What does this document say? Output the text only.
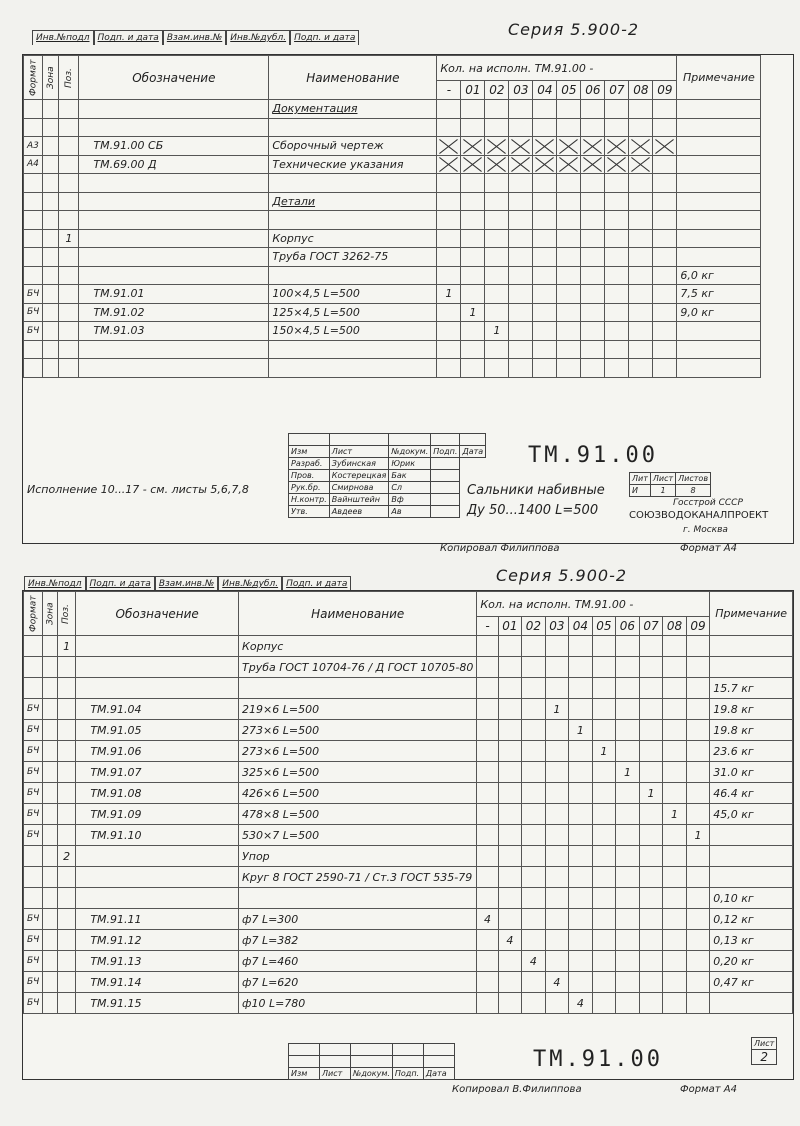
Серия 5.900-2
Инв.№подл Подп. и дата Взам.инв.№ Инв.№дубл. Подп. и дата
Формат	Зона	Поз.	Обозначение	Наименование	Кол. на исполн. ТМ.91.00 -										Примечание
					-	01	02	03	04	05	06	07	08	09	
				Документация											

А3			ТМ.91.00 СБ	Сборочный чертеж											
А4			ТМ.69.00 Д	Технические указания											

				Детали											

		1		Корпус											
				Труба ГОСТ 3262-75											
															6,0 кг
БЧ			ТМ.91.01	100×4,5 L=500	1										7,5 кг
БЧ			ТМ.91.02	125×4,5 L=500		1									9,0 кг
БЧ			ТМ.91.03	150×4,5 L=500			1								

Исполнение 10...17 - см. листы 5,6,7,8

Изм	Лист	№докум.	Подп.	Дата
Разраб.	Зубинская	Юрик		
Пров.	Костерецкая	Бак		
Рук.бр.	Смирнова	Сл		
Н.контр.	Вайнштейн	Вф		
Утв.	Авдеев	Ав		
ТМ.91.00
Сальники набивные
Ду 50...1400 L=500
Лит	Лист	Листов
И	1	8
Госстрой СССР
СОЮЗВОДОКАНАЛПРОЕКТ
г. Москва
Копировал Филиппова	Формат А4
Серия 5.900-2
Инв.№подл Подп. и дата Взам.инв.№ Инв.№дубл. Подп. и дата
Формат	Зона	Поз.	Обозначение	Наименование	Кол. на исполн. ТМ.91.00 -										Примечание
					-	01	02	03	04	05	06	07	08	09	
		1		Корпус											
				Труба ГОСТ 10704-76 / Д ГОСТ 10705-80											
															15.7 кг
БЧ			ТМ.91.04	219×6 L=500				1							19.8 кг
БЧ			ТМ.91.05	273×6 L=500					1						19.8 кг
БЧ			ТМ.91.06	273×6 L=500						1					23.6 кг
БЧ			ТМ.91.07	325×6 L=500							1				31.0 кг
БЧ			ТМ.91.08	426×6 L=500								1			46.4 кг
БЧ			ТМ.91.09	478×8 L=500									1		45,0 кг
БЧ			ТМ.91.10	530×7 L=500										1	
		2		Упор											
				Круг 8 ГОСТ 2590-71 / Ст.3 ГОСТ 535-79											
															0,10 кг
БЧ			ТМ.91.11	ф7 L=300	4										0,12 кг
БЧ			ТМ.91.12	ф7 L=382		4									0,13 кг
БЧ			ТМ.91.13	ф7 L=460			4								0,20 кг
БЧ			ТМ.91.14	ф7 L=620				4							0,47 кг
БЧ			ТМ.91.15	ф10 L=780					4						

Изм	Лист	№докум.	Подп.	Дата
ТМ.91.00
Лист
2
Копировал В.Филиппова	Формат А4
